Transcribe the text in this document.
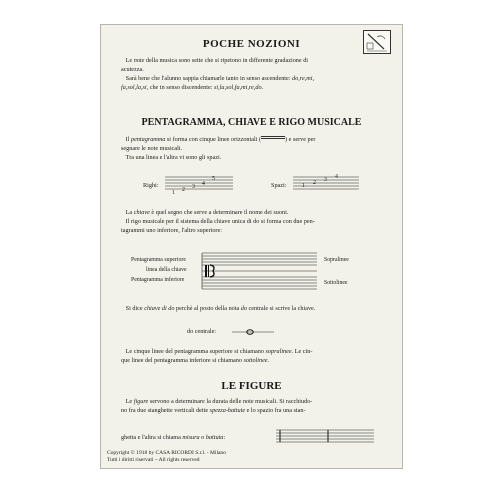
POCHE NOZIONI
Le note della musica sono sette che si ripetono in differente gradazione di
acutezza.
Sarà bene che l'alunno sappia chiamarle tanto in senso ascendente: do,re,mi,
fa,sol,la,si, che in senso discendente: si,la,sol,fa,mi,re,do.
PENTAGRAMMA, CHIAVE E RIGO MUSICALE
Il pentagramma si forma con cinque linee orizzontali (	) e serve per
segnare le note musicali.
Tra una linea e l'altra vi sono gli spazi.
Righi:
1 2 3 4
5
Spazi:	1 2 3 4
La chiave è quel segno che serve a determinare il nome dei suoni.
Il rigo musicale per il sistema della chiave unica di do si forma con due pen-
tagrammi uno inferiore, l'altro superiore:
Pentagramma superiore
linea della chiave
Pentagramma inferiore
Sopralinee
Sottolinee
Si dice chiave di do perchè al posto della nota do centrale si scrive la chiave.
do centrale:
Le cinque linee del pentagramma superiore si chiamano sopralinee. Le cin-
que linee del pentagramma inferiore si chiamano sottolinee.
LE FIGURE
Le figure servono a determinare la durata delle note musicali. Si racchiudo-
no fra due stanghette verticali dette spezza-battute e lo spazio fra una stan-
ghetta e l'altra si chiama misura o battuta:
Copyright © 1918 by CASA RICORDI S.r.l. - Milano
Tutti i diritti riservati – All rights reserved
